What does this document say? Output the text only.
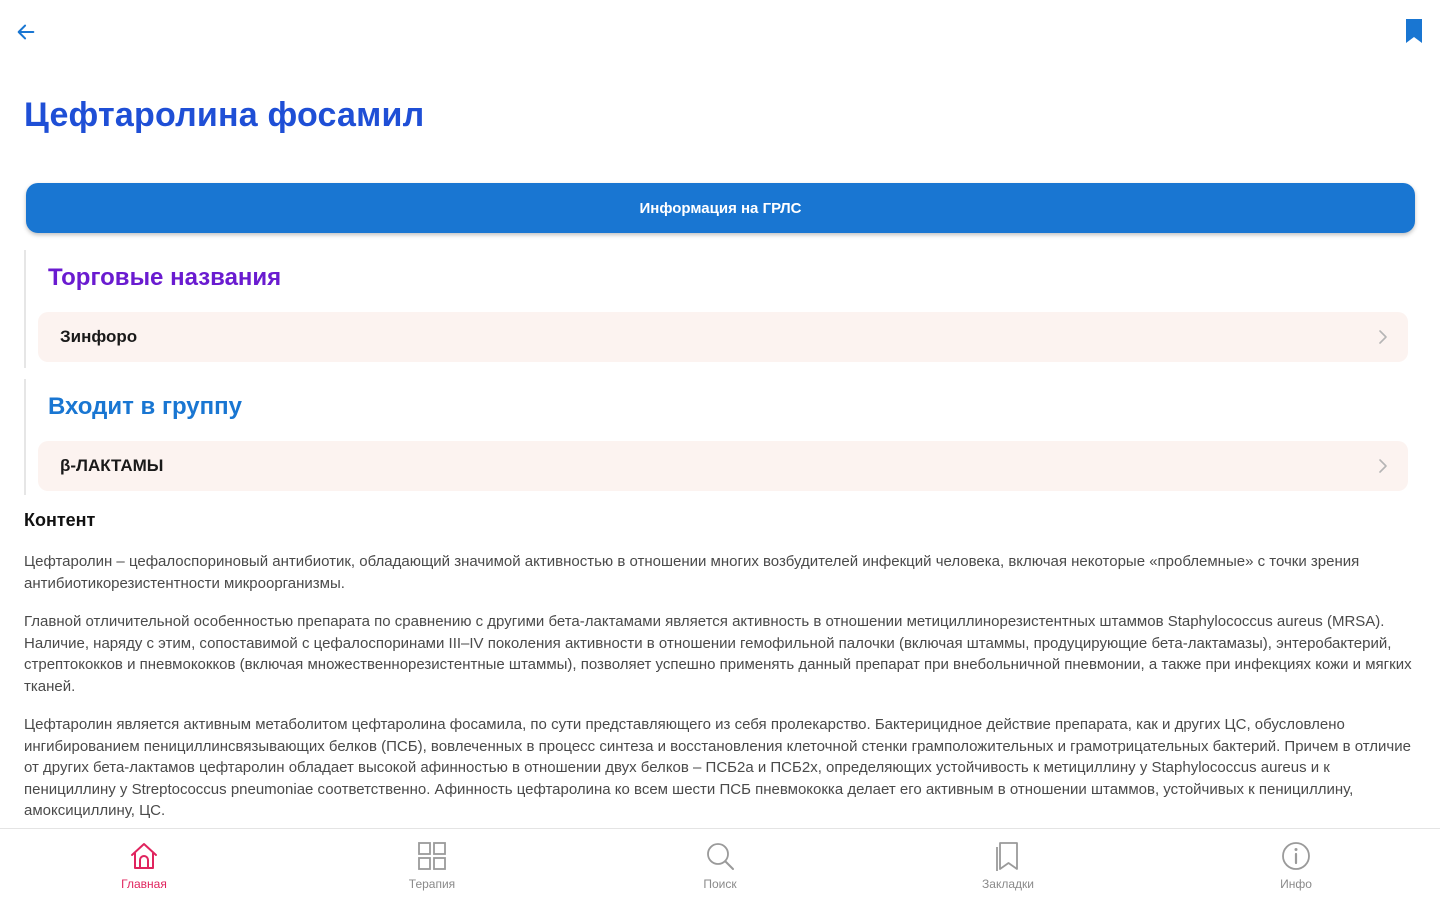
Цефтаролина фосамил
Информация на ГРЛС
Торговые названия
Зинфоро
Входит в группу
β-ЛАКТАМЫ
Контент

Цефтаролин – цефалоспориновый антибиотик, обладающий значимой активностью в отношении многих возбудителей инфекций человека, включая некоторые «проблемные» с точки зрения антибиотикорезистентности микроорганизмы.

Главной отличительной особенностью препарата по сравнению с другими бета-лактамами является активность в отношении метициллинорезистентных штаммов Staphylococcus aureus (MRSA). Наличие, наряду с этим, сопоставимой с цефалоспоринами III–IV поколения активности в отношении гемофильной палочки (включая штаммы, продуцирующие бета-лактамазы), энтеробактерий, стрептококков и пневмококков (включая множественнорезистентные штаммы), позволяет успешно применять данный препарат при внебольничной пневмонии, а также при инфекциях кожи и мягких тканей.

Цефтаролин является активным метаболитом цефтаролина фосамила, по сути представляющего из себя пролекарство. Бактерицидное действие препарата, как и других ЦС, обусловлено ингибированием пенициллинсвязывающих белков (ПСБ), вовлеченных в процесс синтеза и восстановления клеточной стенки грамположительных и грамотрицательных бактерий. Причем в отличие от других бета-лактамов цефтаролин обладает высокой афинностью в отношении двух белков – ПСБ2а и ПСБ2х, определяющих устойчивость к метициллину у Staphylococcus aureus и к пенициллину у Streptococcus pneumoniae соответственно. Афинность цефтаролина ко всем шести ПСБ пневмококка делает его активным в отношении штаммов, устойчивых к пенициллину, амоксициллину, ЦС.

Главная	Терапия	Поиск	Закладки	Инфо
